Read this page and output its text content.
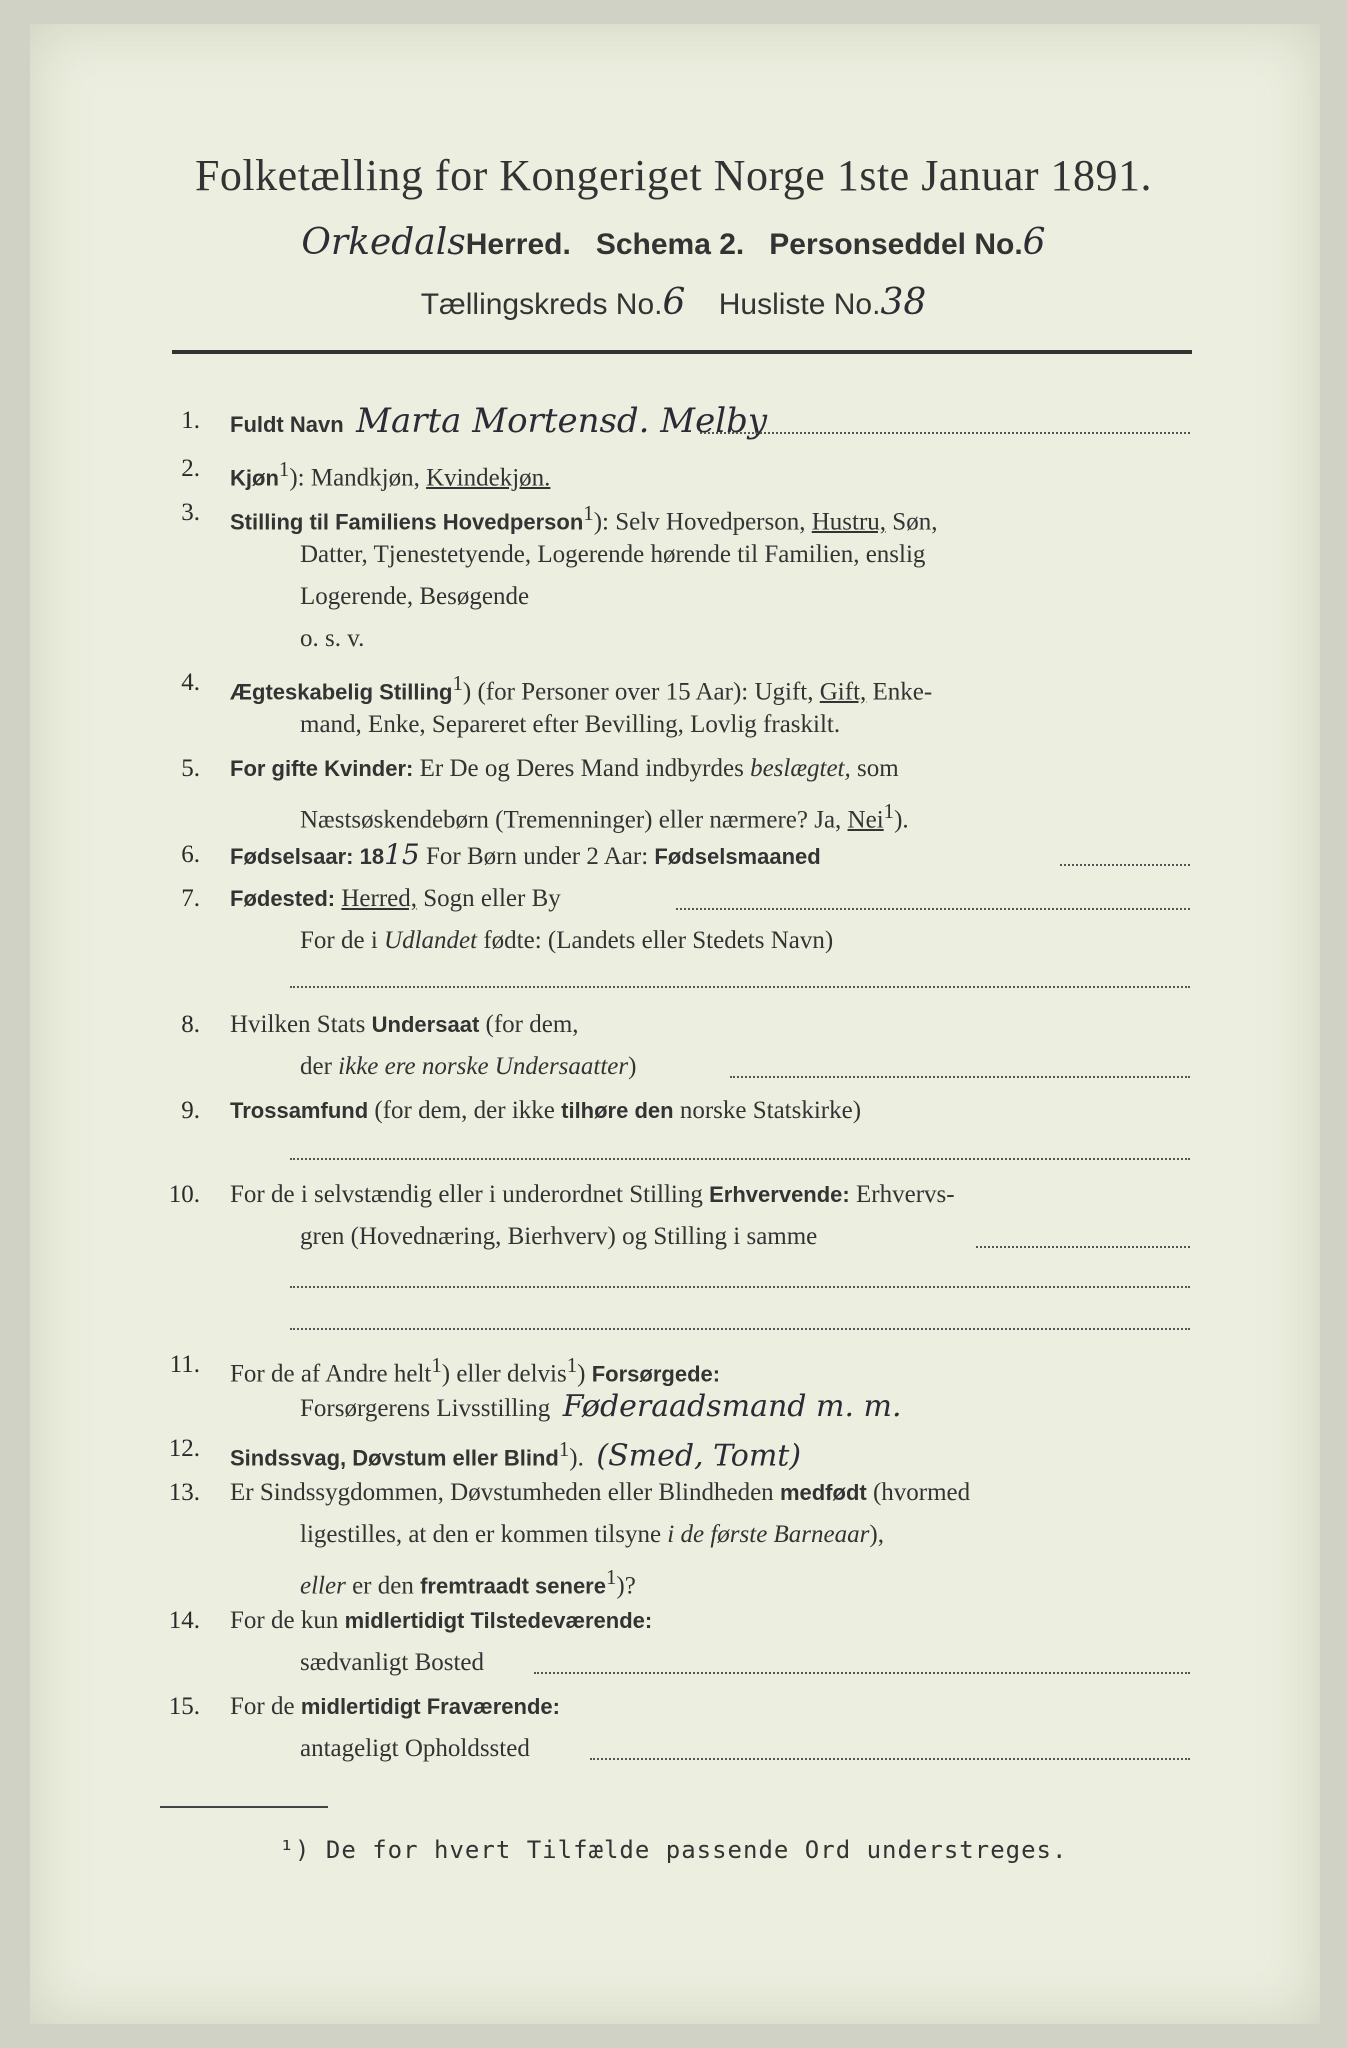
Folketælling for Kongeriget Norge 1ste Januar 1891.
OrkedalsHerred. Schema 2. Personseddel No.6
Tællingskreds No.6 Husliste No.38
1. Fuldt Navn Marta Mortensd. Melby
2. Kjøn$^1$): Mandkjøn, Kvindekjøn.
3. Stilling til Familiens Hovedperson$^1$): Selv Hovedperson, Hustru, Søn,
Datter, Tjenestetyende, Logerende hørende til Familien, enslig
Logerende, Besøgende
o. s. v.
4. Ægteskabelig Stilling$^1$) (for Personer over 15 Aar): Ugift, Gift, Enke-
mand, Enke, Separeret efter Bevilling, Lovlig fraskilt.
5. For gifte Kvinder: Er De og Deres Mand indbyrdes beslægtet, som
Næstsøskendebørn (Tremenninger) eller nærmere? Ja, Nei$^1$).
6. Fødselsaar: 1815 For Børn under 2 Aar: Fødselsmaaned
7. Fødested: Herred, Sogn eller By
For de i Udlandet fødte: (Landets eller Stedets Navn)
8. Hvilken Stats Undersaat (for dem,
der ikke ere norske Undersaatter)
9. Trossamfund (for dem, der ikke tilhøre den norske Statskirke)
10. For de i selvstændig eller i underordnet Stilling Erhvervende: Erhvervs-
gren (Hovednæring, Bierhverv) og Stilling i samme
11. For de af Andre helt$^1$) eller delvis$^1$) Forsørgede:
Forsørgerens Livsstilling Føderaadsmand m. m.
12. Sindssvag, Døvstum eller Blind$^1$). (Smed, Tomt)
13. Er Sindssygdommen, Døvstumheden eller Blindheden medfødt (hvormed
ligestilles, at den er kommen tilsyne i de første Barneaar),
eller er den fremtraadt senere$^1$)?
14. For de kun midlertidigt Tilstedeværende:
sædvanligt Bosted
15. For de midlertidigt Fraværende:
antageligt Opholdssted
¹) De for hvert Tilfælde passende Ord understreges.
